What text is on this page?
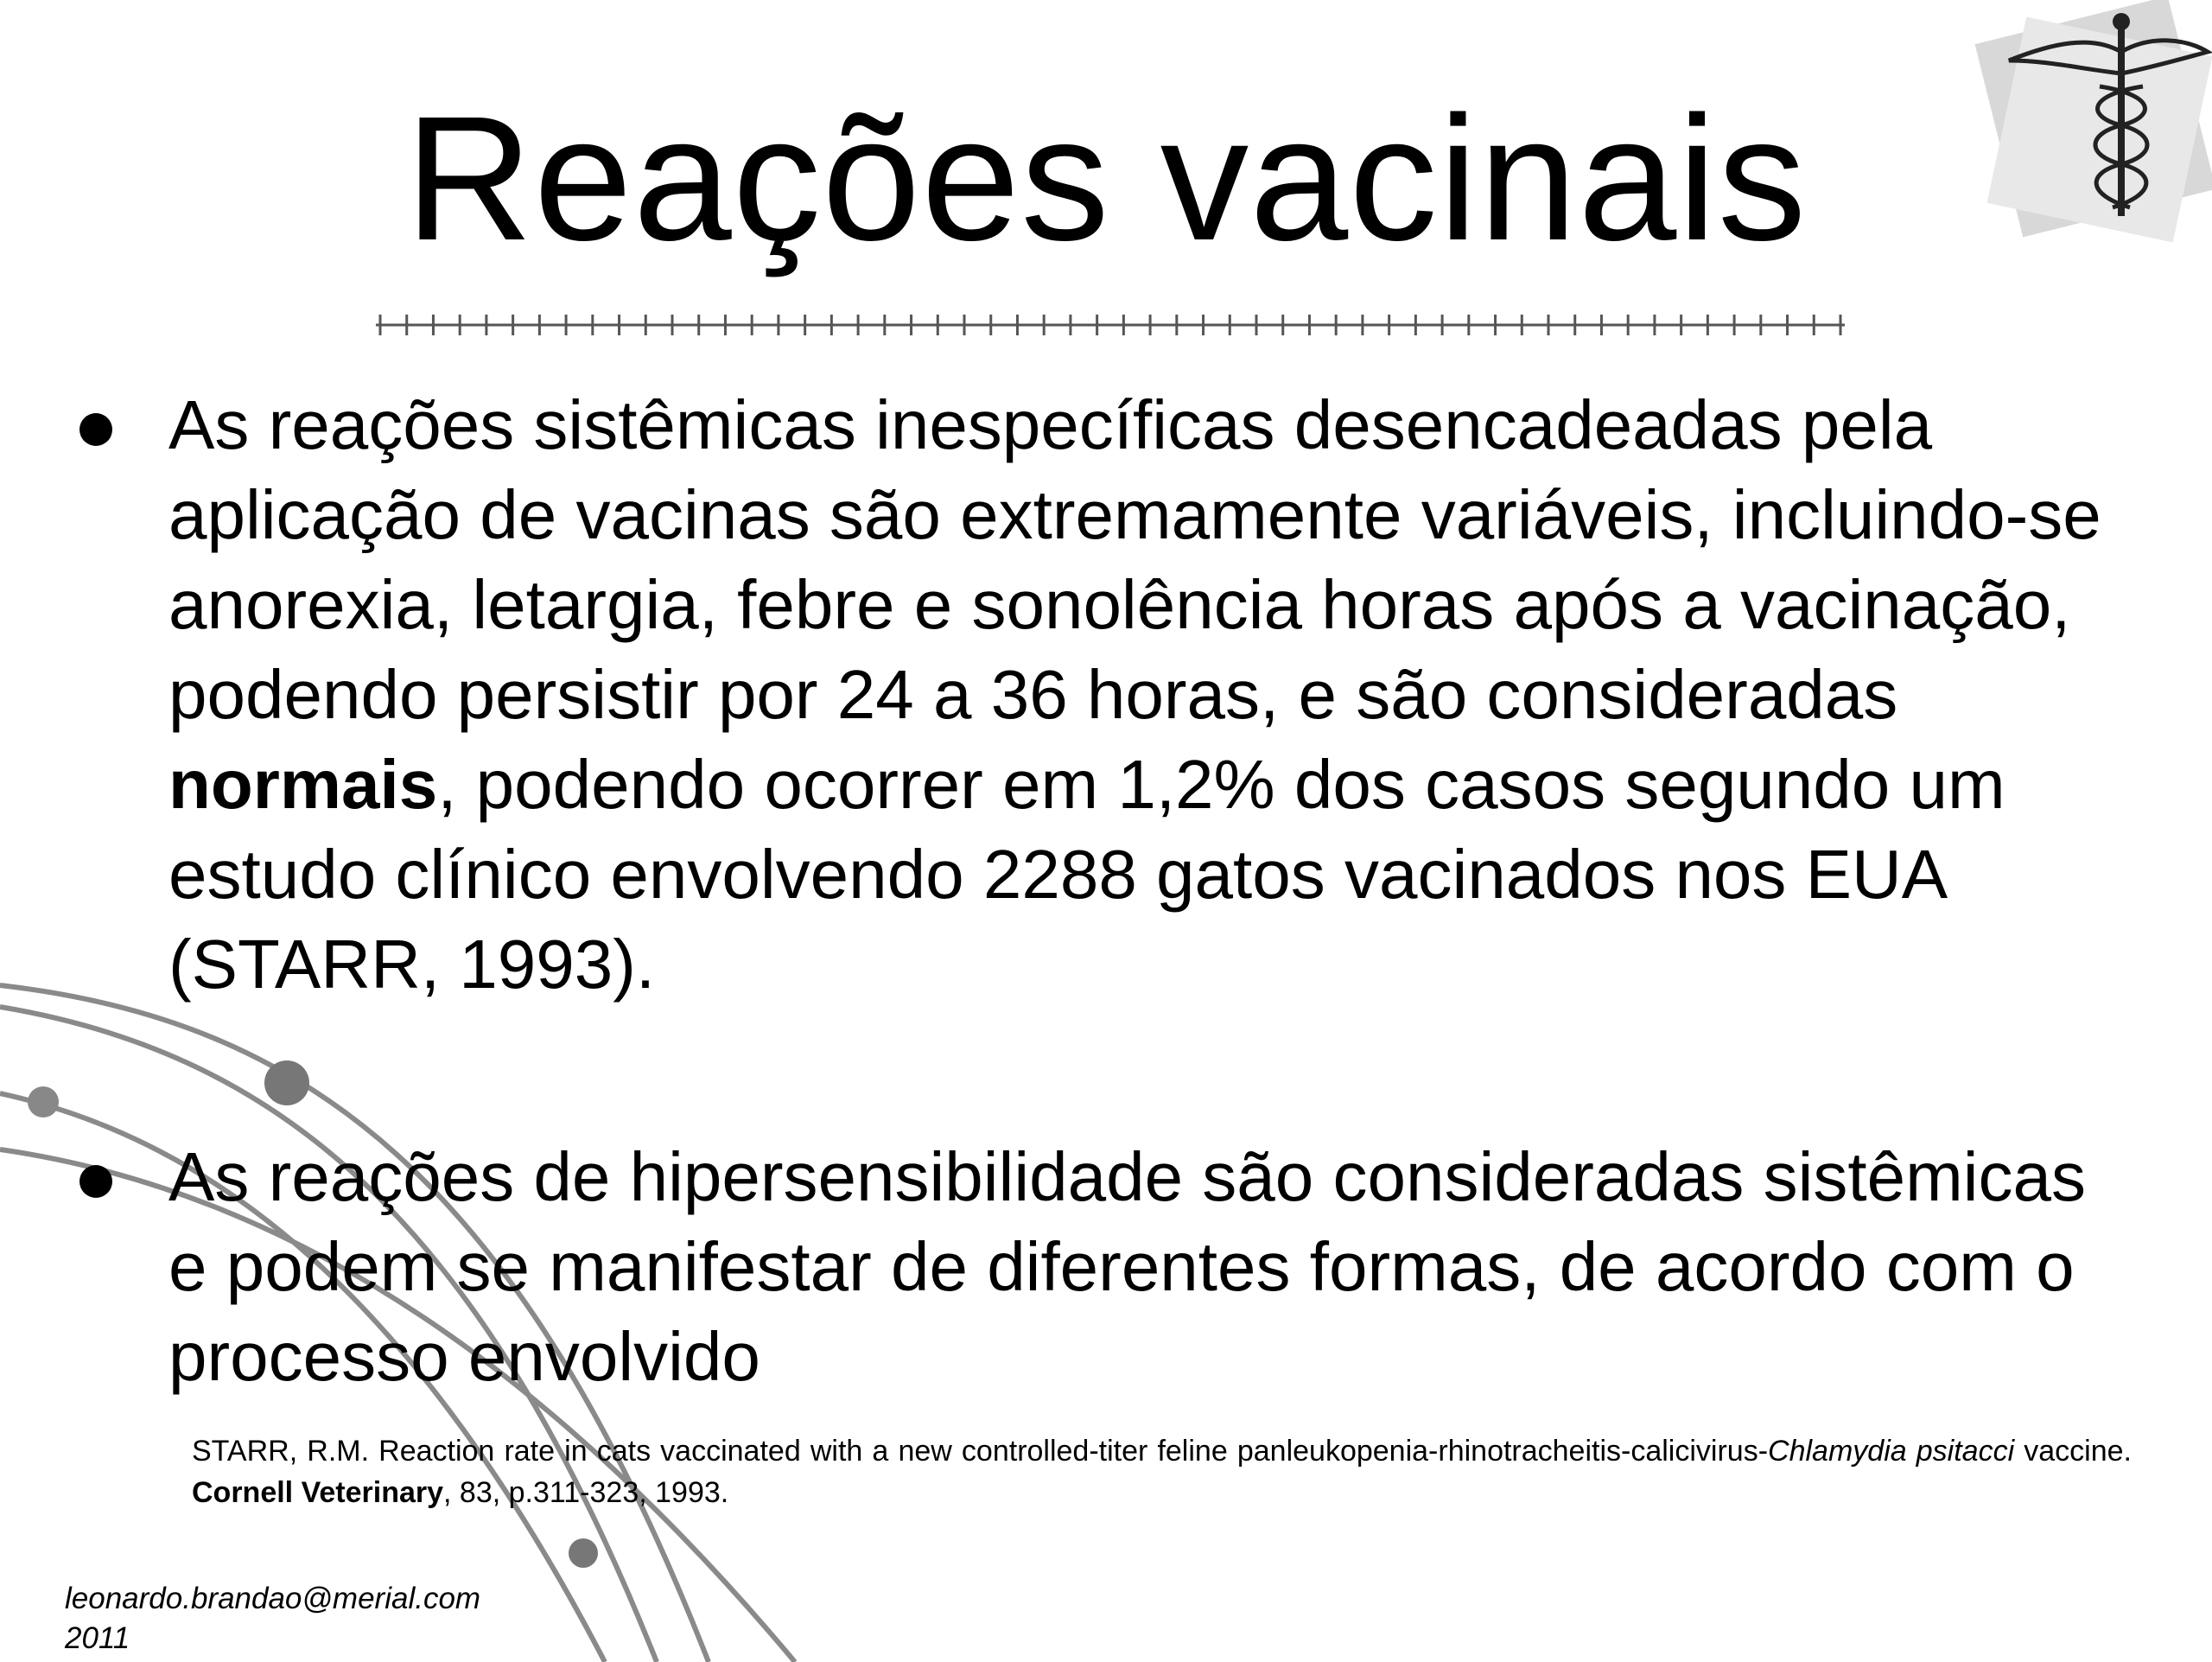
Reações vacinais
As reações sistêmicas inespecíficas desencadeadas pela aplicação de vacinas são extremamente variáveis, incluindo-se anorexia, letargia, febre e sonolência horas após a vacinação, podendo persistir por 24 a 36 horas, e são consideradas normais, podendo ocorrer em 1,2% dos casos segundo um estudo clínico envolvendo 2288 gatos vacinados nos EUA (STARR, 1993).
As reações de hipersensibilidade são consideradas sistêmicas e podem se manifestar de diferentes formas, de acordo com o processo envolvido
STARR, R.M. Reaction rate in cats vaccinated with a new controlled-titer feline panleukopenia-rhinotracheitis-calicivirus-Chlamydia psitacci vaccine. Cornell Veterinary, 83, p.311-323, 1993.
leonardo.brandao@merial.com
2011
